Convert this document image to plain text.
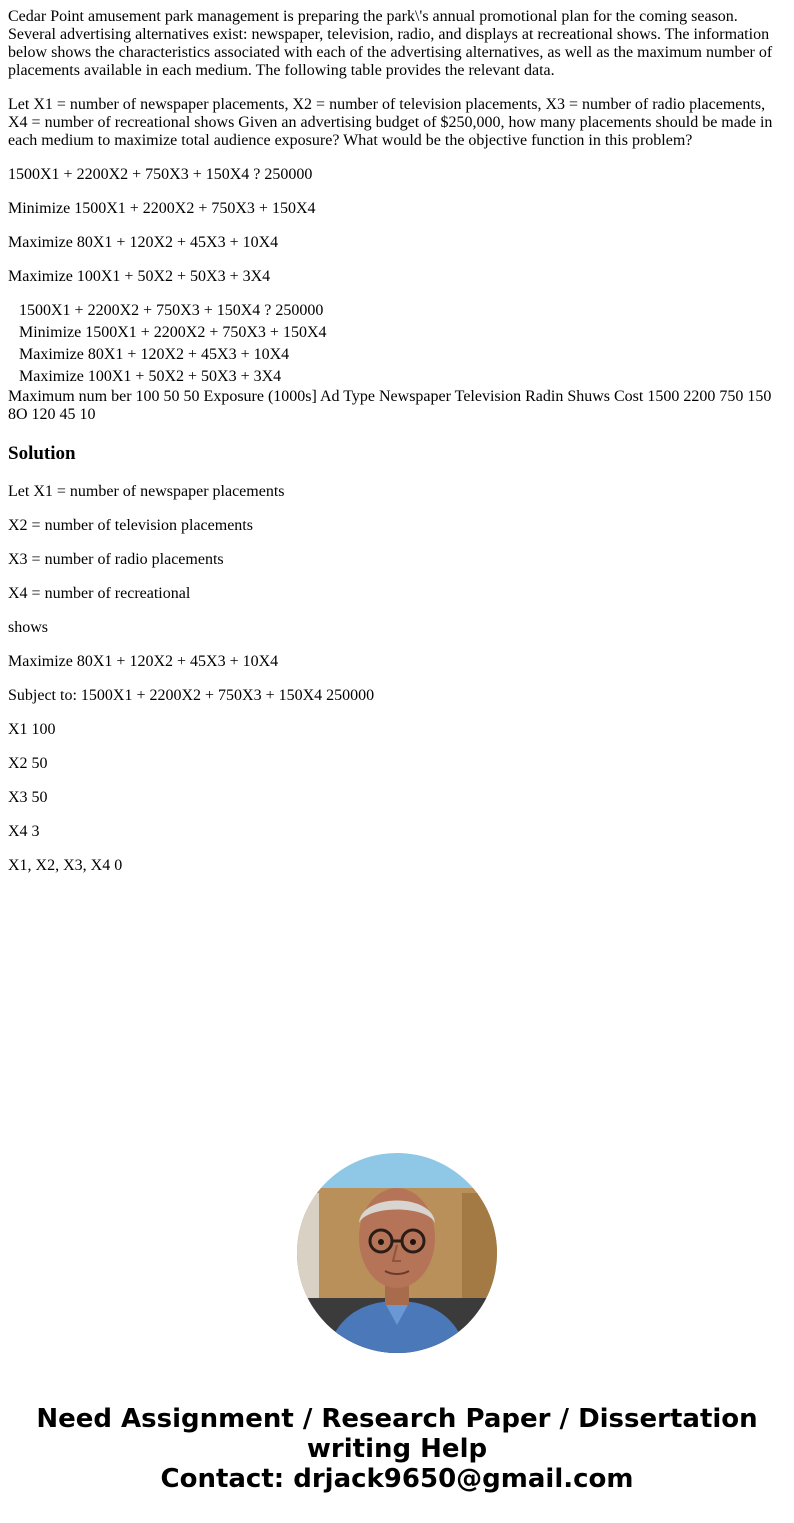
Cedar Point amusement park management is preparing the park\'s annual promotional plan for the coming season. Several advertising alternatives exist: newspaper, television, radio, and displays at recreational shows. The information below shows the characteristics associated with each of the advertising alternatives, as well as the maximum number of placements available in each medium. The following table provides the relevant data.

Let X1 = number of newspaper placements, X2 = number of television placements, X3 = number of radio placements, X4 = number of recreational shows Given an advertising budget of $250,000, how many placements should be made in each medium to maximize total audience exposure? What would be the objective function in this problem?

1500X1 + 2200X2 + 750X3 + 150X4 ? 250000

Minimize 1500X1 + 2200X2 + 750X3 + 150X4

Maximize 80X1 + 120X2 + 45X3 + 10X4

Maximize 100X1 + 50X2 + 50X3 + 3X4

1500X1 + 2200X2 + 750X3 + 150X4 ? 250000
Minimize 1500X1 + 2200X2 + 750X3 + 150X4
Maximize 80X1 + 120X2 + 45X3 + 10X4
Maximize 100X1 + 50X2 + 50X3 + 3X4
Maximum num ber 100 50 50 Exposure (1000s] Ad Type Newspaper Television Radin Shuws Cost 1500 2200 750 150 8O 120 45 10
Solution

Let X1 = number of newspaper placements

X2 = number of television placements

X3 = number of radio placements

X4 = number of recreational

shows

Maximize 80X1 + 120X2 + 45X3 + 10X4

Subject to: 1500X1 + 2200X2 + 750X3 + 150X4 250000

X1 100

X2 50

X3 50

X4 3

X1, X2, X3, X4 0

Need Assignment / Research Paper / Dissertation
writing Help
Contact: drjack9650@gmail.com
